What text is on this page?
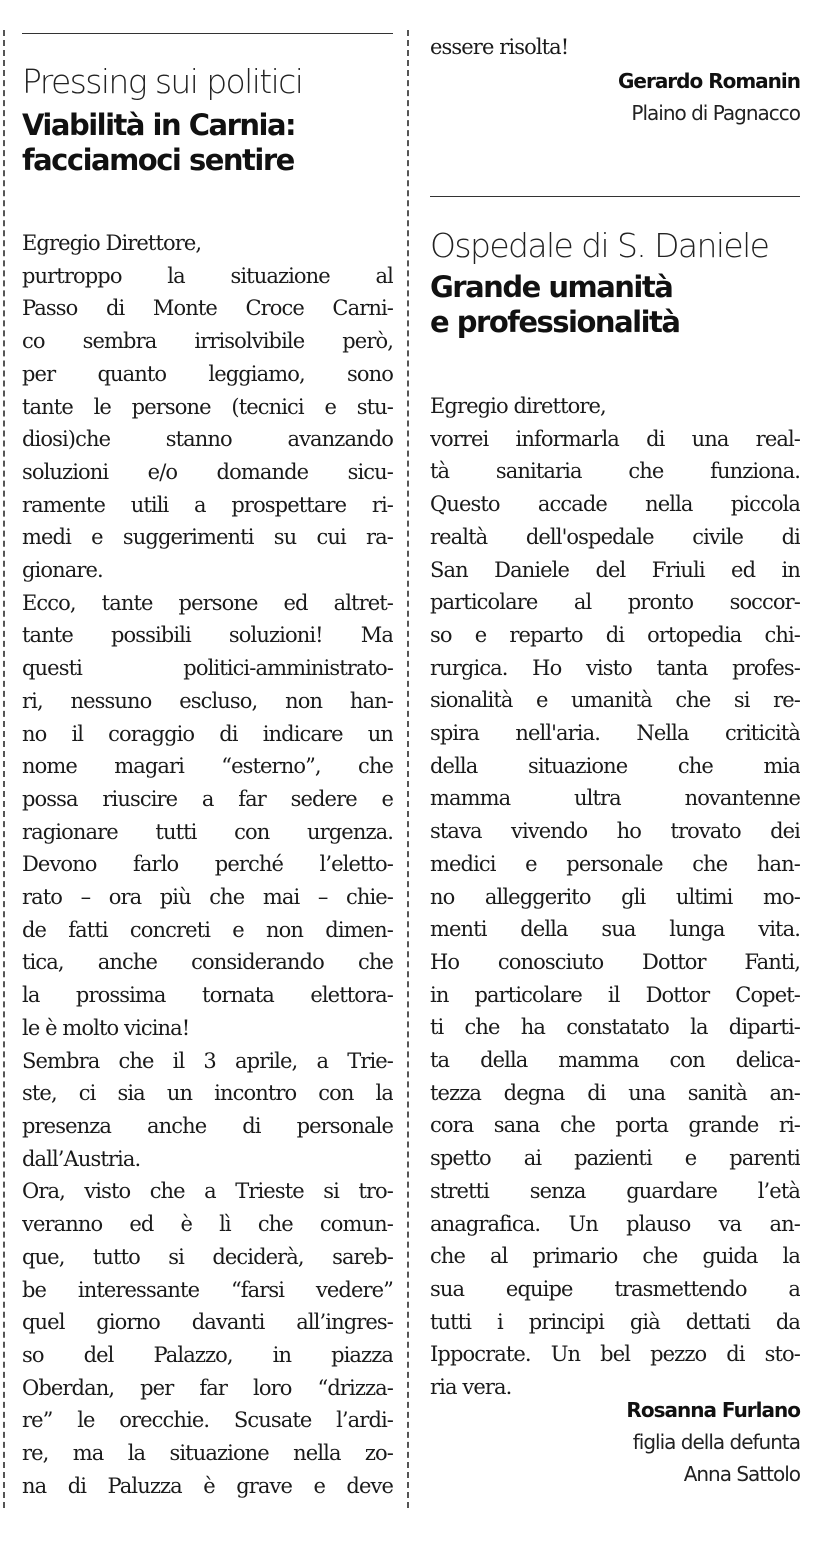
Pressing sui politici
Viabilità in Carnia:
facciamoci sentire
Egregio Direttore,
purtroppo la situazione al
Passo di Monte Croce Carni-
co sembra irrisolvibile però,
per quanto leggiamo, sono
tante le persone (tecnici e stu-
diosi)che stanno avanzando
soluzioni e/o domande sicu-
ramente utili a prospettare ri-
medi e suggerimenti su cui ra-
gionare.
Ecco, tante persone ed altret-
tante possibili soluzioni! Ma
questi politici-amministrato-
ri, nessuno escluso, non han-
no il coraggio di indicare un
nome magari “esterno”, che
possa riuscire a far sedere e
ragionare tutti con urgenza.
Devono farlo perché l’eletto-
rato – ora più che mai – chie-
de fatti concreti e non dimen-
tica, anche considerando che
la prossima tornata elettora-
le è molto vicina!
Sembra che il 3 aprile, a Trie-
ste, ci sia un incontro con la
presenza anche di personale
dall’Austria.
Ora, visto che a Trieste si tro-
veranno ed è lì che comun-
que, tutto si deciderà, sareb-
be interessante “farsi vedere”
quel giorno davanti all’ingres-
so del Palazzo, in piazza
Oberdan, per far loro “drizza-
re” le orecchie. Scusate l’ardi-
re, ma la situazione nella zo-
na di Paluzza è grave e deve
essere risolta!
Gerardo Romanin
Plaino di Pagnacco
Ospedale di S. Daniele
Grande umanità
e professionalità
Egregio direttore,
vorrei informarla di una real-
tà sanitaria che funziona.
Questo accade nella piccola
realtà dell'ospedale civile di
San Daniele del Friuli ed in
particolare al pronto soccor-
so e reparto di ortopedia chi-
rurgica. Ho visto tanta profes-
sionalità e umanità che si re-
spira nell'aria. Nella criticità
della situazione che mia
mamma ultra novantenne
stava vivendo ho trovato dei
medici e personale che han-
no alleggerito gli ultimi mo-
menti della sua lunga vita.
Ho conosciuto Dottor Fanti,
in particolare il Dottor Copet-
ti che ha constatato la diparti-
ta della mamma con delica-
tezza degna di una sanità an-
cora sana che porta grande ri-
spetto ai pazienti e parenti
stretti senza guardare l’età
anagrafica. Un plauso va an-
che al primario che guida la
sua equipe trasmettendo a
tutti i principi già dettati da
Ippocrate. Un bel pezzo di sto-
ria vera.
Rosanna Furlano
figlia della defunta
Anna Sattolo
